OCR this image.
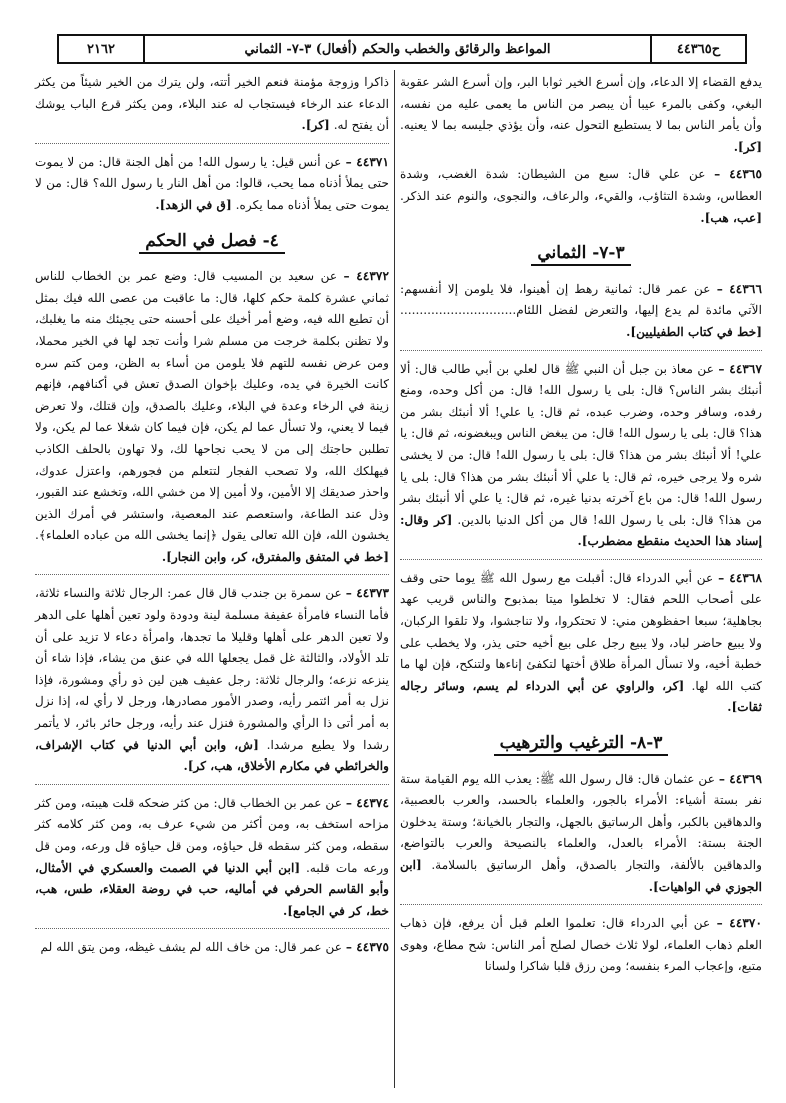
ح٤٤٣٦٥
المواعظ والرقائق والخطب والحكم (أفعال) ٣-٧- الثماني
٢١٦٢

يدفع القضاء إلا الدعاء، وإن أسرع الخير ثوابا البر، وإن أسرع الشر عقوبة البغي، وكفى بالمرء عيبا أن يبصر من الناس ما يعمى عليه من نفسه، وأن يأمر الناس بما لا يستطيع التحول عنه، وأن يؤذي جليسه بما لا يعنيه. [كر].

٤٤٣٦٥ – عن علي قال: سبع من الشيطان: شدة الغضب، وشدة العطاس، وشدة التثاؤب، والقيء، والرعاف، والنجوى، والنوم عند الذكر. [عب، هب].

٣-٧- الثماني

٤٤٣٦٦ – عن عمر قال: ثمانية رهط إن أهينوا، فلا يلومن إلا أنفسهم: الآتي مائدة لم يدع إليها، والتعرض لفضل اللئام.............................. [خط في كتاب الطفيليين].

٤٤٣٦٧ – عن معاذ بن جبل أن النبي ﷺ قال لعلي بن أبي طالب قال: ألا أنبئك بشر الناس؟ قال: بلى يا رسول الله! قال: من أكل وحده، ومنع رفده، وسافر وحده، وضرب عبده، ثم قال: يا علي! ألا أنبئك بشر من هذا؟ قال: بلى يا رسول الله! قال: من يبغض الناس ويبغضونه، ثم قال: يا علي! ألا أنبئك بشر من هذا؟ قال: بلى يا رسول الله! قال: من لا يخشى شره ولا يرجى خيره، ثم قال: يا علي ألا أنبئك بشر من هذا؟ قال: بلى يا رسول الله! قال: من باع آخرته بدنيا غيره، ثم قال: يا علي ألا أنبئك بشر من هذا؟ قال: بلى يا رسول الله! قال من أكل الدنيا بالدين. [كر وقال: إسناد هذا الحديث منقطع مضطرب].

٤٤٣٦٨ – عن أبي الدرداء قال: أقبلت مع رسول الله ﷺ يوما حتى وقف على أصحاب اللحم فقال: لا تخلطوا ميتا بمذبوح والناس قريب عهد بجاهلية؛ سبعا احفظوهن مني: لا تحتكروا، ولا تناجشوا، ولا تلقوا الركبان، ولا يبيع حاضر لباد، ولا يبيع رجل على بيع أخيه حتى يذر، ولا يخطب على خطبة أخيه، ولا تسأل المرأة طلاق أختها لتكفئ إناءها ولتنكح، فإن لها ما كتب الله لها. [كر، والراوي عن أبي الدرداء لم يسم، وسائر رجاله ثقات].

٣-٨- الترغيب والترهيب

٤٤٣٦٩ – عن عثمان قال: قال رسول الله ﷺ: يعذب الله يوم القيامة ستة نفر بستة أشياء: الأمراء بالجور، والعلماء بالحسد، والعرب بالعصبية، والدهاقين بالكبر، وأهل الرساتيق بالجهل، والتجار بالخيانة؛ وستة يدخلون الجنة بستة: الأمراء بالعدل، والعلماء بالنصيحة والعرب بالتواضع، والدهاقين بالألفة، والتجار بالصدق، وأهل الرساتيق بالسلامة. [ابن الجوزي في الواهيات].

٤٤٣٧٠ – عن أبي الدرداء قال: تعلموا العلم قبل أن يرفع، فإن ذهاب العلم ذهاب العلماء، لولا ثلاث خصال لصلح أمر الناس: شح مطاع، وهوى متبع، وإعجاب المرء بنفسه؛ ومن رزق قلبا شاكرا ولسانا

ذاكرا وزوجة مؤمنة فنعم الخير أتته، ولن يترك من الخير شيئاً من يكثر الدعاء عند الرخاء فيستجاب له عند البلاء، ومن يكثر قرع الباب يوشك أن يفتح له. [كر].

٤٤٣٧١ – عن أنس قيل: يا رسول الله! من أهل الجنة قال: من لا يموت حتى يملأ أذناه مما يحب، قالوا: من أهل النار يا رسول الله؟ قال: من لا يموت حتى يملأ أذناه مما يكره. [ق في الزهد].

٤- فصل في الحكم

٤٤٣٧٢ – عن سعيد بن المسيب قال: وضع عمر بن الخطاب للناس ثماني عشرة كلمة حكم كلها، قال: ما عاقبت من عصى الله فيك بمثل أن تطيع الله فيه، وضع أمر أخيك على أحسنه حتى يجيئك منه ما يغلبك، ولا تظنن بكلمة خرجت من مسلم شرا وأنت تجد لها في الخير محملا، ومن عرض نفسه للتهم فلا يلومن من أساء به الظن، ومن كتم سره كانت الخيرة في يده، وعليك بإخوان الصدق تعش في أكنافهم، فإنهم زينة في الرخاء وعدة في البلاء، وعليك بالصدق، وإن قتلك، ولا تعرض فيما لا يعني، ولا تسأل عما لم يكن، فإن فيما كان شغلا عما لم يكن، ولا تطلبن حاجتك إلى من لا يحب نجاحها لك، ولا تهاون بالحلف الكاذب فيهلكك الله، ولا تصحب الفجار لتتعلم من فجورهم، واعتزل عدوك، واحذر صديقك إلا الأمين، ولا أمين إلا من خشي الله، وتخشع عند القبور، وذل عند الطاعة، واستعصم عند المعصية، واستشر في أمرك الذين يخشون الله، فإن الله تعالى يقول ﴿إنما يخشى الله من عباده العلماء﴾. [خط في المتفق والمفترق، كر، وابن النجار].

٤٤٣٧٣ – عن سمرة بن جندب قال قال عمر: الرجال ثلاثة والنساء ثلاثة، فأما النساء فامرأة عفيفة مسلمة لينة ودودة ولود تعين أهلها على الدهر ولا تعين الدهر على أهلها وقليلا ما تجدها، وامرأة دعاء لا تزيد على أن تلد الأولاد، والثالثة غل قمل يجعلها الله في عنق من يشاء، فإذا شاء أن ينزعه نزعه؛ والرجال ثلاثة: رجل عفيف هين لين ذو رأي ومشورة، فإذا نزل به أمر ائتمر رأيه، وصدر الأمور مصادرها، ورجل لا رأي له، إذا نزل به أمر أتى ذا الرأي والمشورة فنزل عند رأيه، ورجل حائر بائر، لا يأتمر رشدا ولا يطيع مرشدا. [ش، وابن أبي الدنيا في كتاب الإشراف، والخرائطي في مكارم الأخلاق، هب، كر].

٤٤٣٧٤ – عن عمر بن الخطاب قال: من كثر ضحكه قلت هيبته، ومن كثر مزاحه استخف به، ومن أكثر من شيء عرف به، ومن كثر كلامه كثر سقطه، ومن كثر سقطه قل حياؤه، ومن قل حياؤه قل ورعه، ومن قل ورعه مات قلبه. [ابن أبي الدنيا في الصمت والعسكري في الأمثال، وأبو القاسم الحرفي في أماليه، حب في روضة العقلاء، طس، هب، خط، كر في الجامع].

٤٤٣٧٥ – عن عمر قال: من خاف الله لم يشف غيظه، ومن يتق الله لم
